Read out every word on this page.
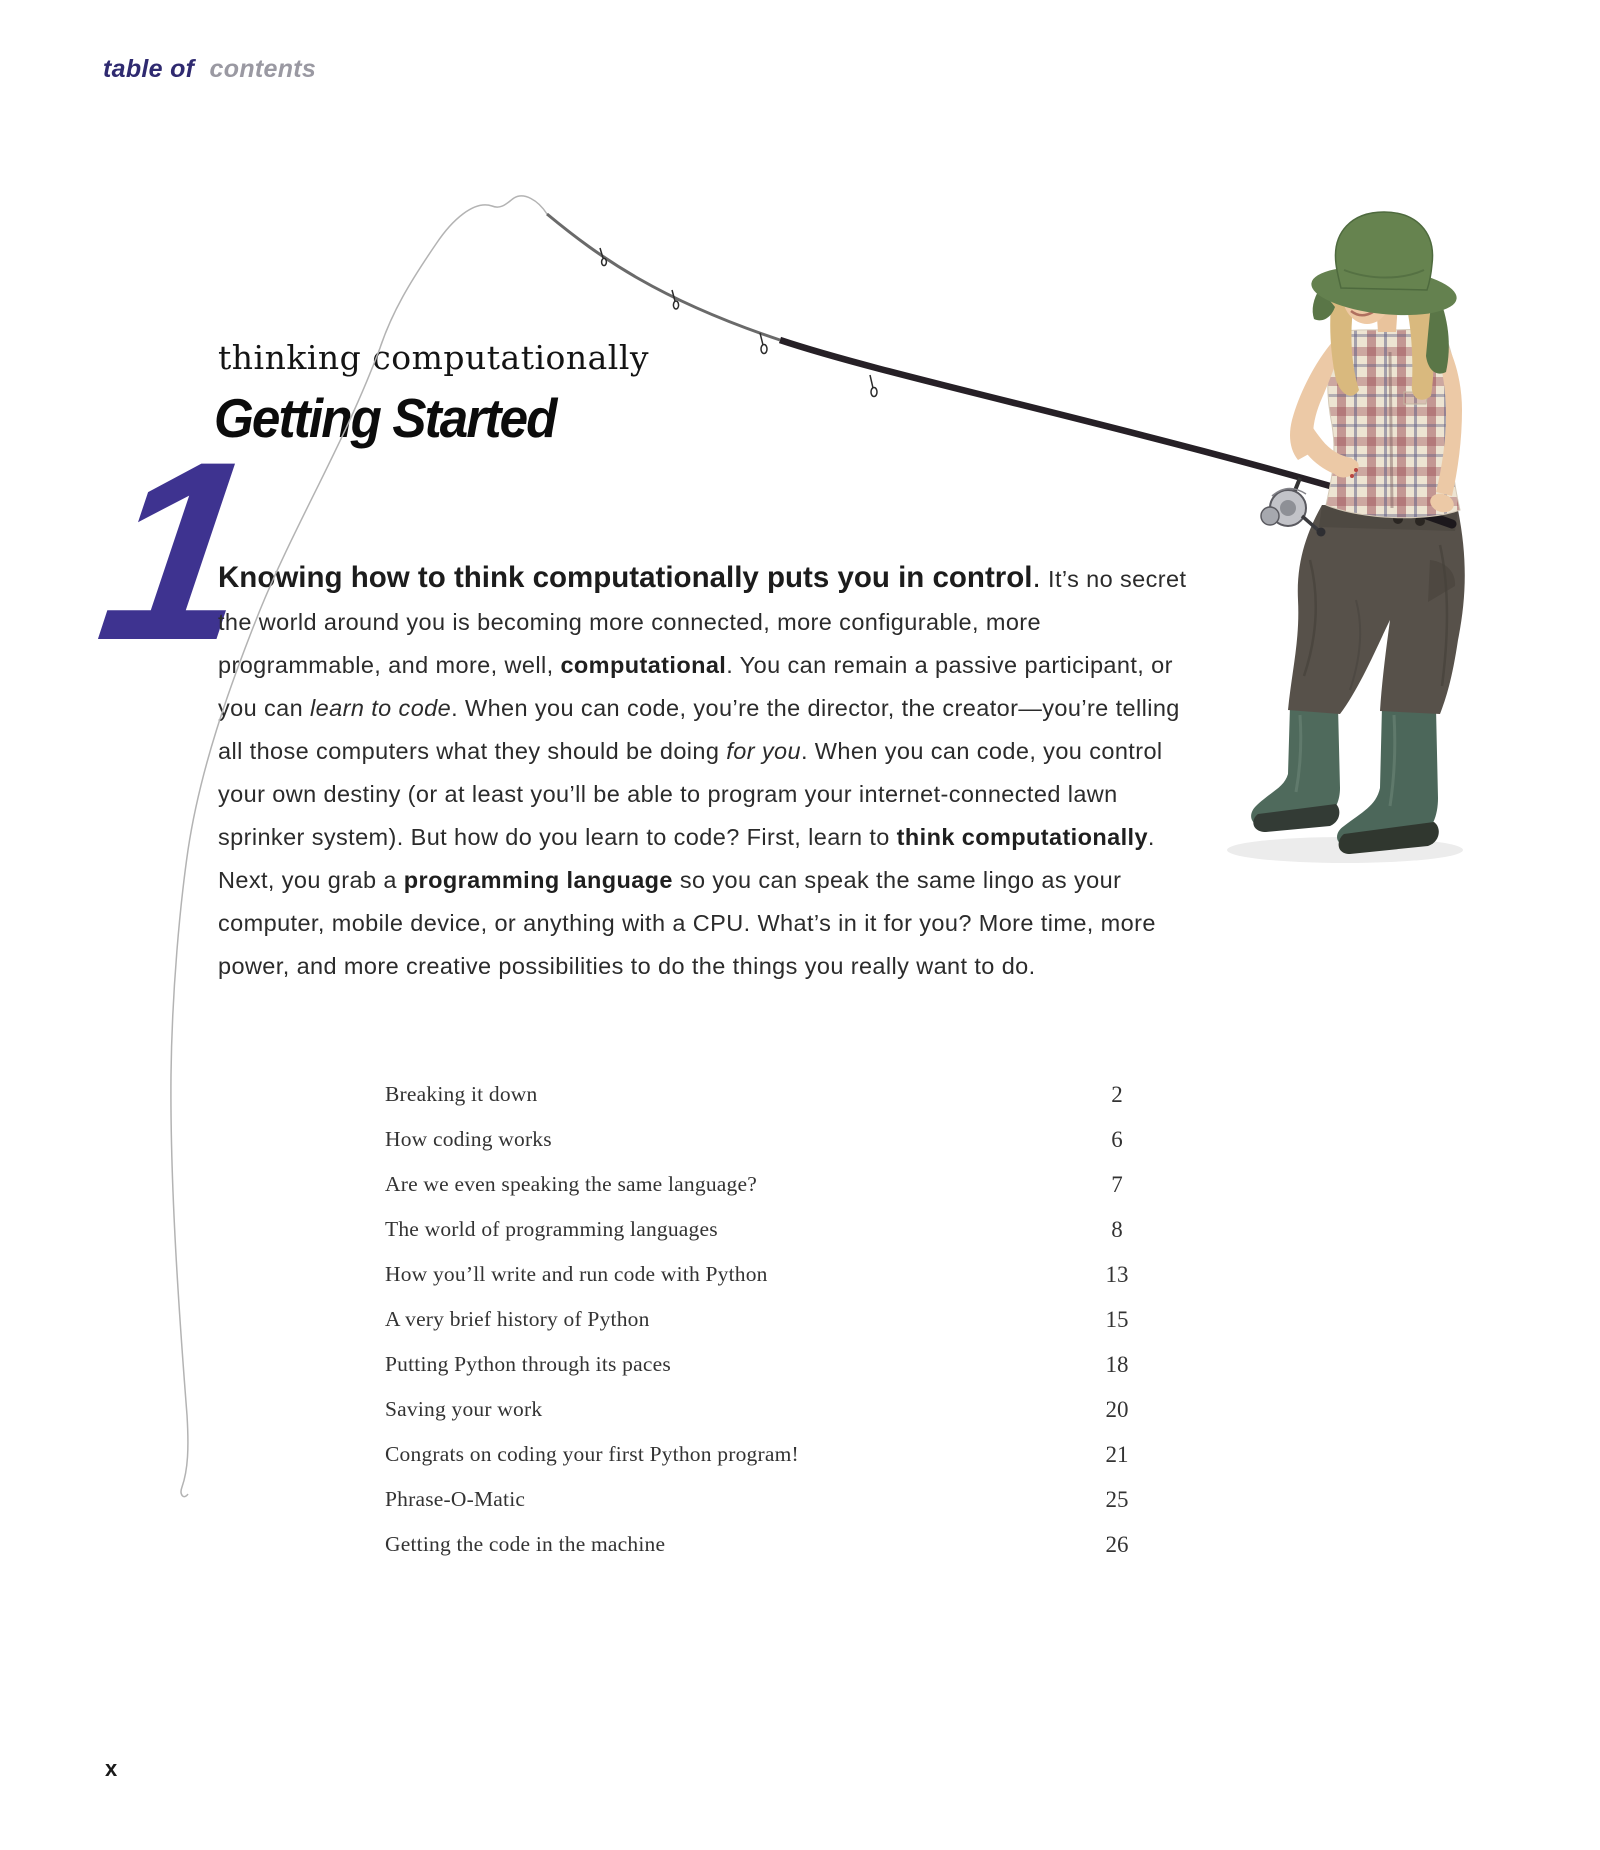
table of contents
1
thinking computationally
Getting Started

Knowing how to think computationally puts you in control. It’s no secret the world around you is becoming more connected, more configurable, more programmable, and more, well, computational. You can remain a passive participant, or you can learn to code. When you can code, you’re the director, the creator—you’re telling all those computers what they should be doing for you. When you can code, you control your own destiny (or at least you’ll be able to program your internet-connected lawn sprinker system). But how do you learn to code? First, learn to think computationally. Next, you grab a programming language so you can speak the same lingo as your computer, mobile device, or anything with a CPU. What’s in it for you? More time, more power, and more creative possibilities to do the things you really want to do.

Breaking it down	2
How coding works	6
Are we even speaking the same language?	7
The world of programming languages	8
How you’ll write and run code with Python	13
A very brief history of Python	15
Putting Python through its paces	18
Saving your work	20
Congrats on coding your first Python program!	21
Phrase-O-Matic	25
Getting the code in the machine	26
x
